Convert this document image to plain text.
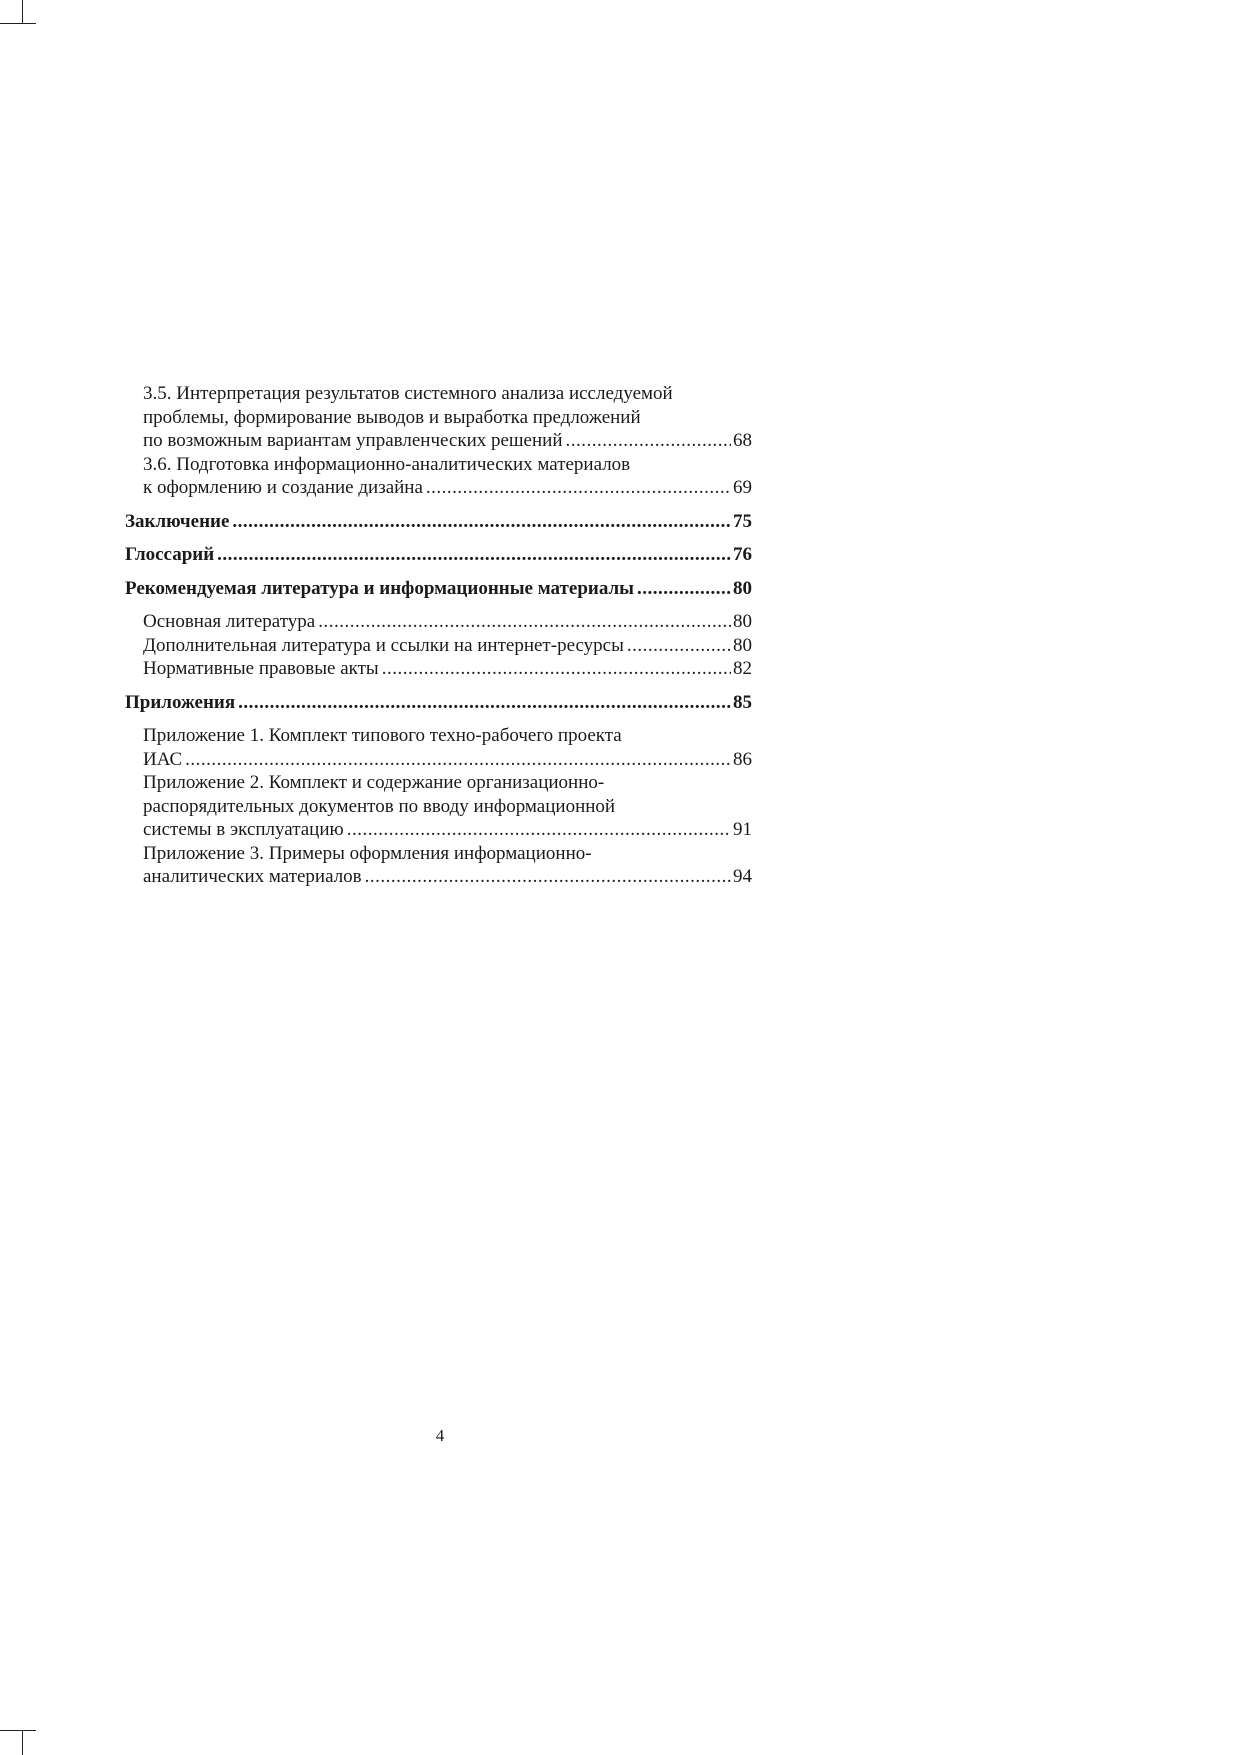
3.5. Интерпретация результатов системного анализа исследуемой
проблемы, формирование выводов и выработка предложений
по возможным вариантам управленческих решений .....	68
3.6. Подготовка информационно-аналитических материалов
к оформлению и создание дизайна .....	69
Заключение .....	75
Глоссарий .....	76
Рекомендуемая литература и информационные материалы .....	80
Основная литература .....	80
Дополнительная литература и ссылки на интернет-ресурсы .....	80
Нормативные правовые акты .....	82
Приложения .....	85
Приложение 1. Комплект типового техно-рабочего проекта
ИАС .....	86
Приложение 2. Комплект и содержание организационно-
распорядительных документов по вводу информационной
системы в эксплуатацию .....	91
Приложение 3. Примеры оформления информационно-
аналитических материалов .....	94
4
